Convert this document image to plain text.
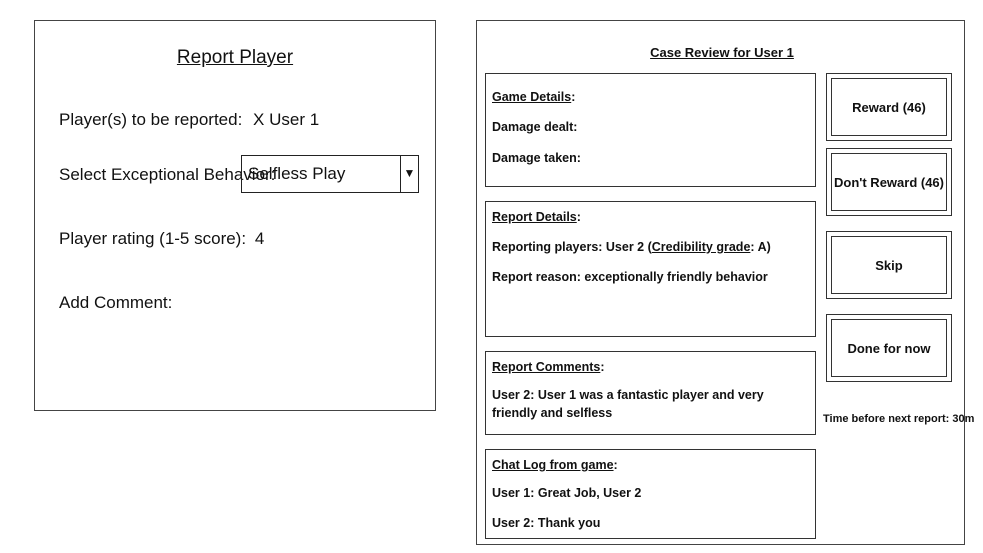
Report Player
Player(s) to be reported: X User 1
Select Exceptional Behavior:
Selfless Play	▼
Player rating (1-5 score): 4
Add Comment:
Case Review for User 1
Game Details:
Damage dealt:
Damage taken:
Report Details:
Reporting players: User 2 (Credibility grade: A)
Report reason: exceptionally friendly behavior
Report Comments:
User 2: User 1 was a fantastic player and very friendly and selfless
Chat Log from game:
User 1: Great Job, User 2
User 2: Thank you
Reward (46)
Don't Reward (46)
Skip
Done for now
Time before next report: 30m
